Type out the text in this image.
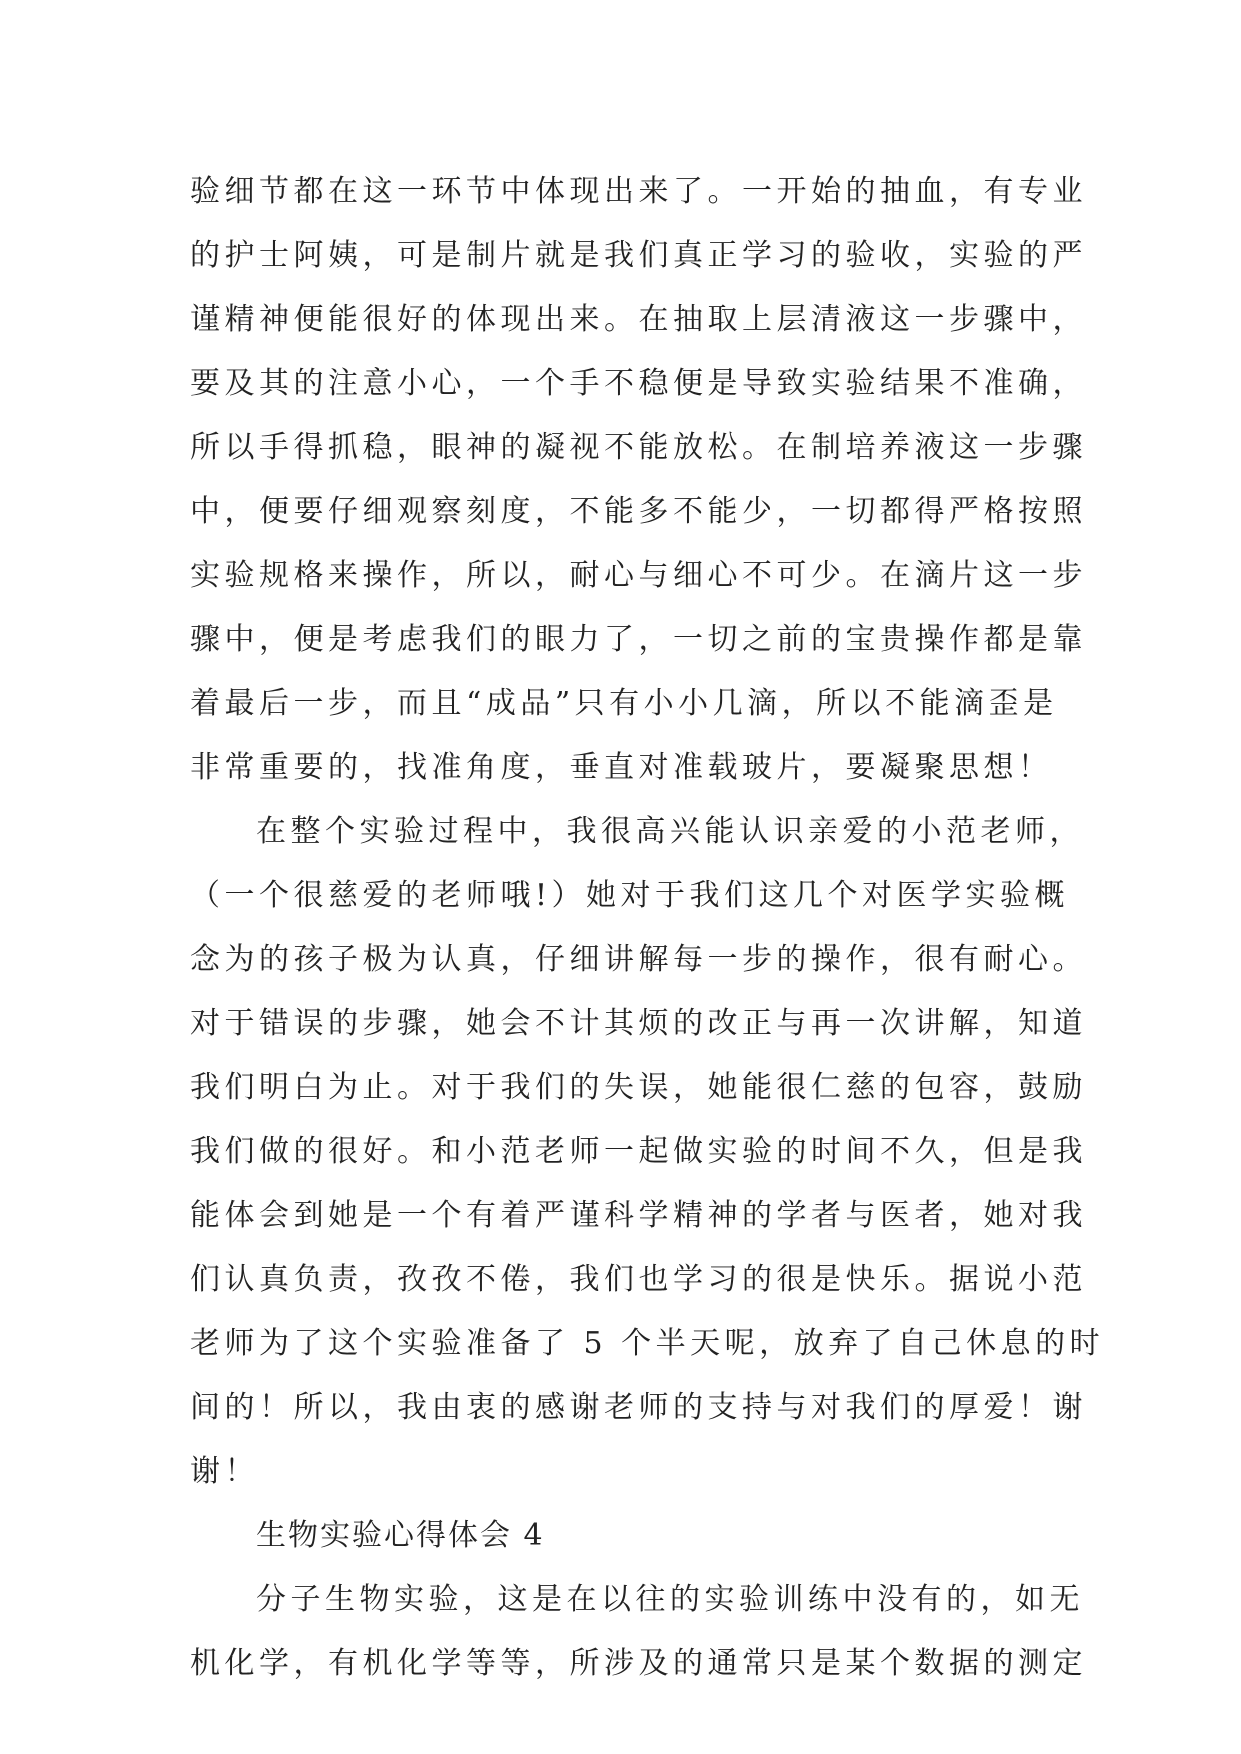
验细节都在这一环节中体现出来了。一开始的抽血，有专业
的护士阿姨，可是制片就是我们真正学习的验收，实验的严
谨精神便能很好的体现出来。在抽取上层清液这一步骤中，
要及其的注意小心，一个手不稳便是导致实验结果不准确，
所以手得抓稳，眼神的凝视不能放松。在制培养液这一步骤
中，便要仔细观察刻度，不能多不能少，一切都得严格按照
实验规格来操作，所以，耐心与细心不可少。在滴片这一步
骤中，便是考虑我们的眼力了，一切之前的宝贵操作都是靠
着最后一步，而且“成品”只有小小几滴，所以不能滴歪是
非常重要的，找准角度，垂直对准载玻片，要凝聚思想！
在整个实验过程中，我很高兴能认识亲爱的小范老师，
（一个很慈爱的老师哦!）她对于我们这几个对医学实验概
念为的孩子极为认真，仔细讲解每一步的操作，很有耐心。
对于错误的步骤，她会不计其烦的改正与再一次讲解，知道
我们明白为止。对于我们的失误，她能很仁慈的包容，鼓励
我们做的很好。和小范老师一起做实验的时间不久，但是我
能体会到她是一个有着严谨科学精神的学者与医者，她对我
们认真负责，孜孜不倦，我们也学习的很是快乐。据说小范
老师为了这个实验准备了 5 个半天呢，放弃了自己休息的时
间的！所以，我由衷的感谢老师的支持与对我们的厚爱！谢
谢！
生物实验心得体会 4
分子生物实验，这是在以往的实验训练中没有的，如无
机化学，有机化学等等，所涉及的通常只是某个数据的测定
